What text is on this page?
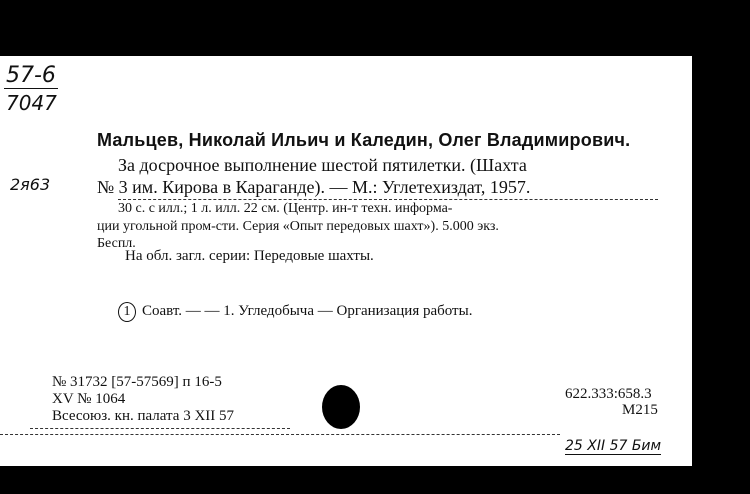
57-6
7047
2я63
Мальцев, Николай Ильич и Каледин, Олег Владимирович.
За досрочное выполнение шестой пятилетки. (Шахта
№ 3 им. Кирова в Караганде). — М.: Углетехиздат, 1957.
30 с. с илл.; 1 л. илл. 22 см. (Центр. ин-т техн. информа-
ции угольной пром-сти. Серия «Опыт передовых шахт»). 5.000 экз.
Беспл.
На обл. загл. серии: Передовые шахты.
1 Соавт. — — 1. Угледобыча — Организация работы.
№ 31732 [57-57569] п 16-5
XV № 1064
Всесоюз. кн. палата 3 XII 57
622.333:658.3
М215
25 XII 57 Бим
